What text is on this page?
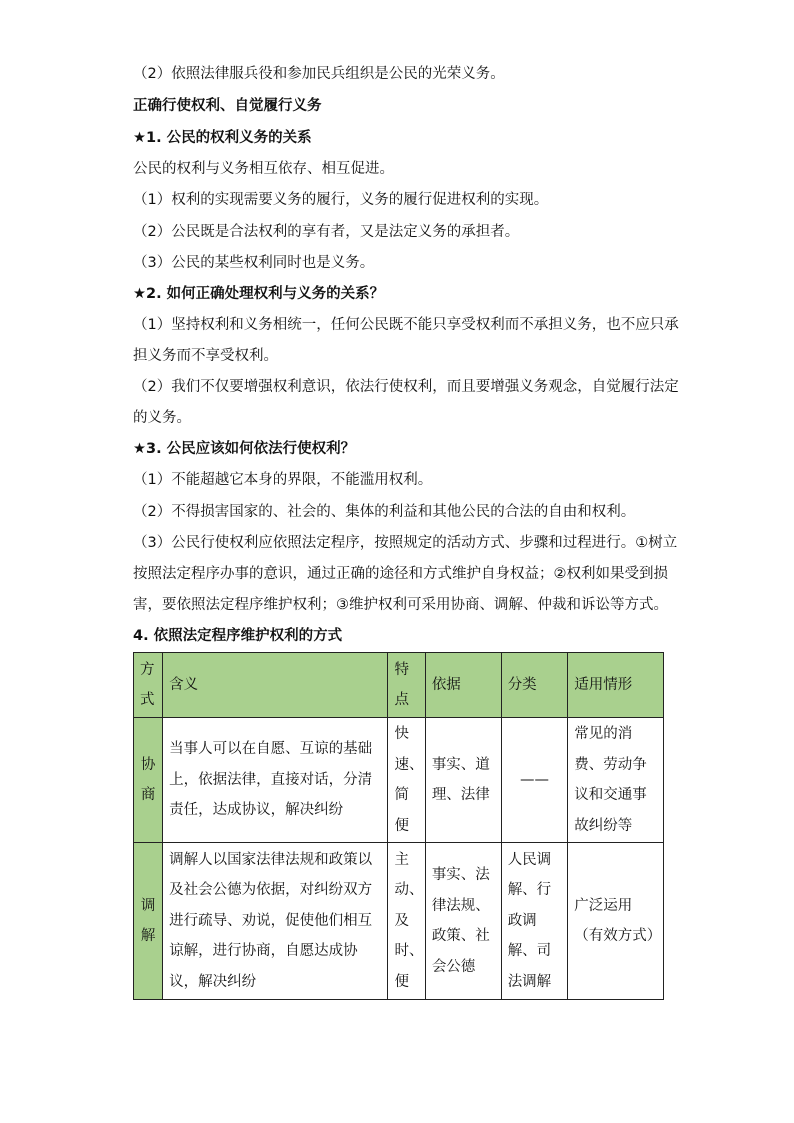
（2）依照法律服兵役和参加民兵组织是公民的光荣义务。
正确行使权利、自觉履行义务
★1. 公民的权利义务的关系
公民的权利与义务相互依存、相互促进。
（1）权利的实现需要义务的履行，义务的履行促进权利的实现。
（2）公民既是合法权利的享有者，又是法定义务的承担者。
（3）公民的某些权利同时也是义务。
★2. 如何正确处理权利与义务的关系？
（1）坚持权利和义务相统一，任何公民既不能只享受权利而不承担义务，也不应只承
担义务而不享受权利。
（2）我们不仅要增强权利意识，依法行使权利，而且要增强义务观念，自觉履行法定
的义务。
★3. 公民应该如何依法行使权利？
（1）不能超越它本身的界限，不能滥用权利。
（2）不得损害国家的、社会的、集体的利益和其他公民的合法的自由和权利。
（3）公民行使权利应依照法定程序，按照规定的活动方式、步骤和过程进行。①树立
按照法定程序办事的意识，通过正确的途径和方式维护自身权益；②权利如果受到损
害，要依照法定程序维护权利；③维护权利可采用协商、调解、仲裁和诉讼等方式。
4. 依照法定程序维护权利的方式
方式	含义	特点	依据	分类	适用情形
协商	当事人可以在自愿、互谅的基础上，依据法律，直接对话，分清责任，达成协议，解决纠纷	快速、简便	事实、道理、法律	——	常见的消费、劳动争议和交通事故纠纷等
调解	调解人以国家法律法规和政策以及社会公德为依据，对纠纷双方进行疏导、劝说，促使他们相互谅解，进行协商，自愿达成协议，解决纠纷	主动、及时、便	事实、法律法规、政策、社会公德	人民调解、行政调解、司法调解	广泛运用（有效方式）
